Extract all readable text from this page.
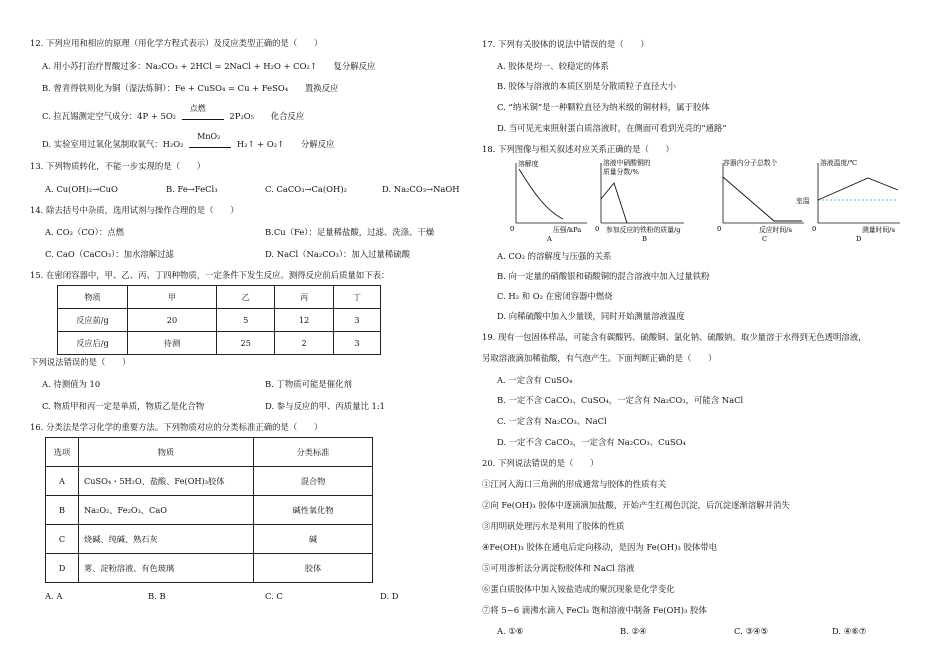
12. 下列应用和相应的原理（用化学方程式表示）及反应类型正确的是（　　）
A. 用小苏打治疗胃酸过多：Na₂CO₃ + 2HCl = 2NaCl + H₂O + CO₂↑　　复分解反应
B. 曾青得铁则化为铜（湿法炼铜）：Fe + CuSO₄ = Cu + FeSO₄　　置换反应
C. 拉瓦锡测定空气成分：4P + 5O₂
点燃
2P₂O₅　　化合反应
D. 实验室用过氧化氢制取氧气：H₂O₂
MnO₂
H₂↑ + O₂↑　　分解反应
13. 下列物质转化，不能一步实现的是（　　）
A. Cu(OH)₂→CuO	B. Fe→FeCl₃	C. CaCO₃→Ca(OH)₂	D. Na₂CO₃→NaOH
14. 除去括号中杂质，选用试剂与操作合理的是（　　）
A. CO₂（CO）：点燃	B.Cu（Fe）：足量稀盐酸，过滤、洗涤、干燥
C. CaO（CaCO₃）：加水溶解过滤	D. NaCl（Na₂CO₃）：加入过量稀硫酸
15. 在密闭容器中，甲、乙、丙、丁四种物质，一定条件下发生反应。测得反应前后质量如下表：
物质	甲	乙	丙	丁
反应前/g	20	5	12	3
反应后/g	待测	25	2	3
下列说法错误的是（　　）
A. 待测值为 10	B. 丁物质可能是催化剂
C. 物质甲和丙一定是单质，物质乙是化合物	D. 参与反应的甲、丙质量比 1:1
16. 分类法是学习化学的重要方法。下列物质对应的分类标准正确的是（　　）
选项	物质	分类标准
A	CuSO₄・5H₂O、盐酸、Fe(OH)₃胶体	混合物
B	Na₂O₂、Fe₂O₃、CaO	碱性氧化物
C	烧碱、纯碱、熟石灰	碱
D	雾、淀粉溶液、有色玻璃	胶体
A. A	B. B	C. C	D. D
17. 下列有关胶体的说法中错误的是（　　）
A. 胶体是均一、较稳定的体系
B. 胶体与溶液的本质区别是分散质粒子直径大小
C. “纳米铜”是一种颗粒直径为纳米级的铜材料，属于胶体
D. 当可见光束照射蛋白质溶液时，在侧面可看到光亮的“通路”
18. 下列图像与相关叙述对应关系正确的是（　　）
溶解度
压强/kPa
0
A
溶液中硝酸铜的质量分数/%
参加反应的铁粉的质量/g
0
B
容器内分子总数个
反应时间/s
0
C
溶液温度/℃
室温
测量时间/s
0
D
A. CO₂ 的溶解度与压强的关系
B. 向一定量的硝酸银和硝酸铜的混合溶液中加入过量铁粉
C. H₂ 和 O₂ 在密闭容器中燃烧
D. 向稀硫酸中加入少量镁，同时开始测量溶液温度
19. 现有一包固体样品，可能含有碳酸钙、硫酸铜、氯化钠、硫酸钠。取少量溶于水得到无色透明溶液，
另取溶液滴加稀盐酸，有气泡产生。下面判断正确的是（　　）
A. 一定含有 CuSO₄
B. 一定不含 CaCO₃、CuSO₄，一定含有 Na₂CO₃，可能含 NaCl
C. 一定含有 Na₂CO₃、NaCl
D. 一定不含 CaCO₃，一定含有 Na₂CO₃、CuSO₄
20. 下列说法错误的是（　　）
①江河入海口三角洲的形成通常与胶体的性质有关
②向 Fe(OH)₃ 胶体中逐滴滴加盐酸，开始产生红褐色沉淀，后沉淀逐渐溶解并消失
③用明矾处理污水是利用了胶体的性质
④Fe(OH)₃ 胶体在通电后定向移动，是因为 Fe(OH)₃ 胶体带电
⑤可用渗析法分离淀粉胶体和 NaCl 溶液
⑥蛋白质胶体中加入铵盐造成的聚沉现象是化学变化
⑦将 5~6 滴沸水滴入 FeCl₃ 饱和溶液中制备 Fe(OH)₃ 胶体
A. ①⑥	B. ②④	C. ③④⑤	D. ④⑥⑦
